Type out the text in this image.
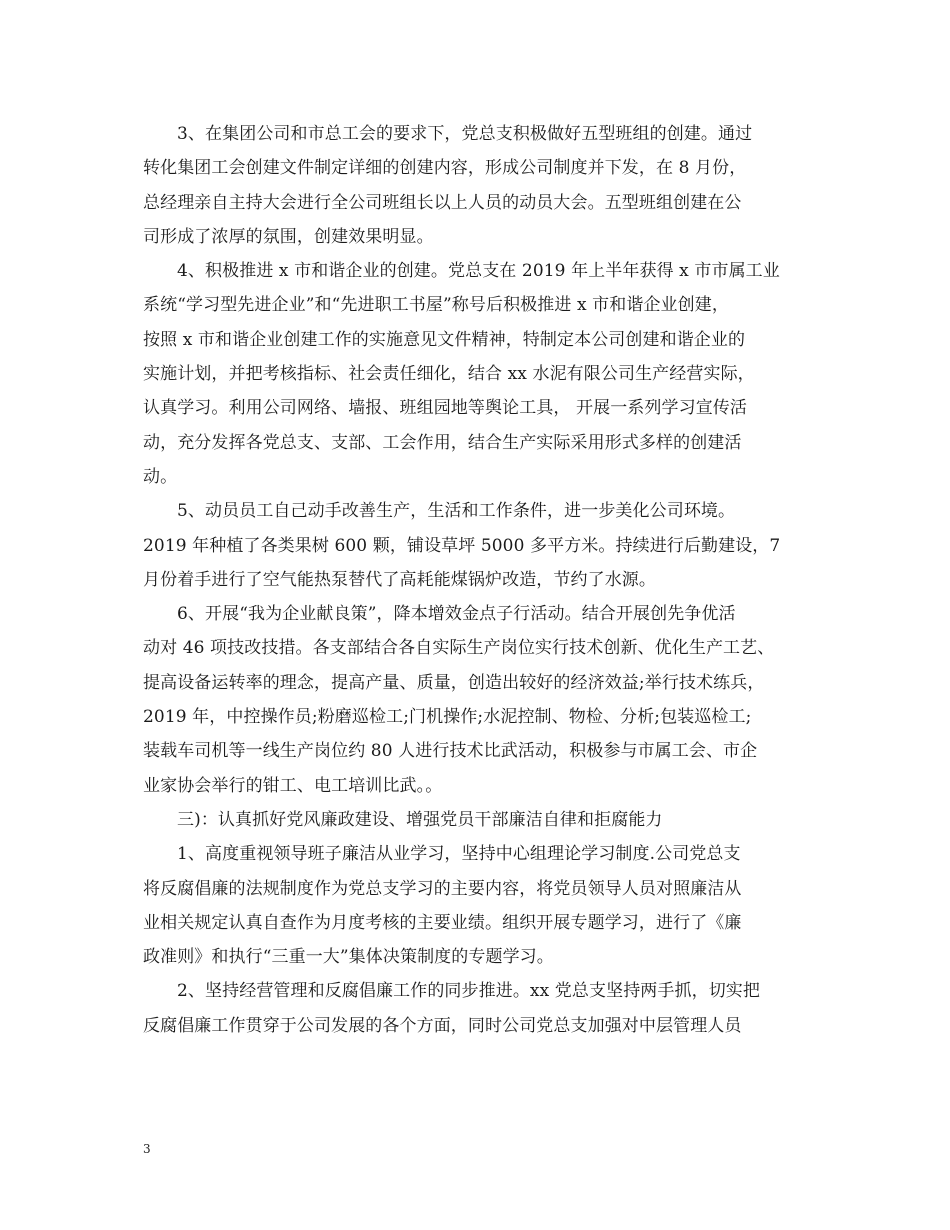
3、在集团公司和市总工会的要求下，党总支积极做好五型班组的创建。通过
转化集团工会创建文件制定详细的创建内容，形成公司制度并下发，在 8 月份，
总经理亲自主持大会进行全公司班组长以上人员的动员大会。五型班组创建在公
司形成了浓厚的氛围，创建效果明显。

4、积极推进 x 市和谐企业的创建。党总支在 2019 年上半年获得 x 市市属工业
系统“学习型先进企业”和“先进职工书屋”称号后积极推进 x 市和谐企业创建，
按照 x 市和谐企业创建工作的实施意见文件精神，特制定本公司创建和谐企业的
实施计划，并把考核指标、社会责任细化，结合 xx 水泥有限公司生产经营实际，
认真学习。利用公司网络、墙报、班组园地等舆论工具， 开展一系列学习宣传活
动，充分发挥各党总支、支部、工会作用，结合生产实际采用形式多样的创建活
动。

5、动员员工自己动手改善生产，生活和工作条件，进一步美化公司环境。
2019 年种植了各类果树 600 颗，铺设草坪 5000 多平方米。持续进行后勤建设，7
月份着手进行了空气能热泵替代了高耗能煤锅炉改造，节约了水源。

6、开展“我为企业献良策”，降本增效金点子行活动。结合开展创先争优活
动对 46 项技改技措。各支部结合各自实际生产岗位实行技术创新、优化生产工艺、
提高设备运转率的理念，提高产量、质量，创造出较好的经济效益;举行技术练兵，
2019 年，中控操作员;粉磨巡检工;门机操作;水泥控制、物检、分析;包装巡检工;
装载车司机等一线生产岗位约 80 人进行技术比武活动，积极参与市属工会、市企
业家协会举行的钳工、电工培训比武。。

三)：认真抓好党风廉政建设、增强党员干部廉洁自律和拒腐能力

1、高度重视领导班子廉洁从业学习，坚持中心组理论学习制度.公司党总支
将反腐倡廉的法规制度作为党总支学习的主要内容，将党员领导人员对照廉洁从
业相关规定认真自查作为月度考核的主要业绩。组织开展专题学习，进行了《廉
政准则》和执行“三重一大”集体决策制度的专题学习。

2、坚持经营管理和反腐倡廉工作的同步推进。xx 党总支坚持两手抓，切实把
反腐倡廉工作贯穿于公司发展的各个方面，同时公司党总支加强对中层管理人员

3
